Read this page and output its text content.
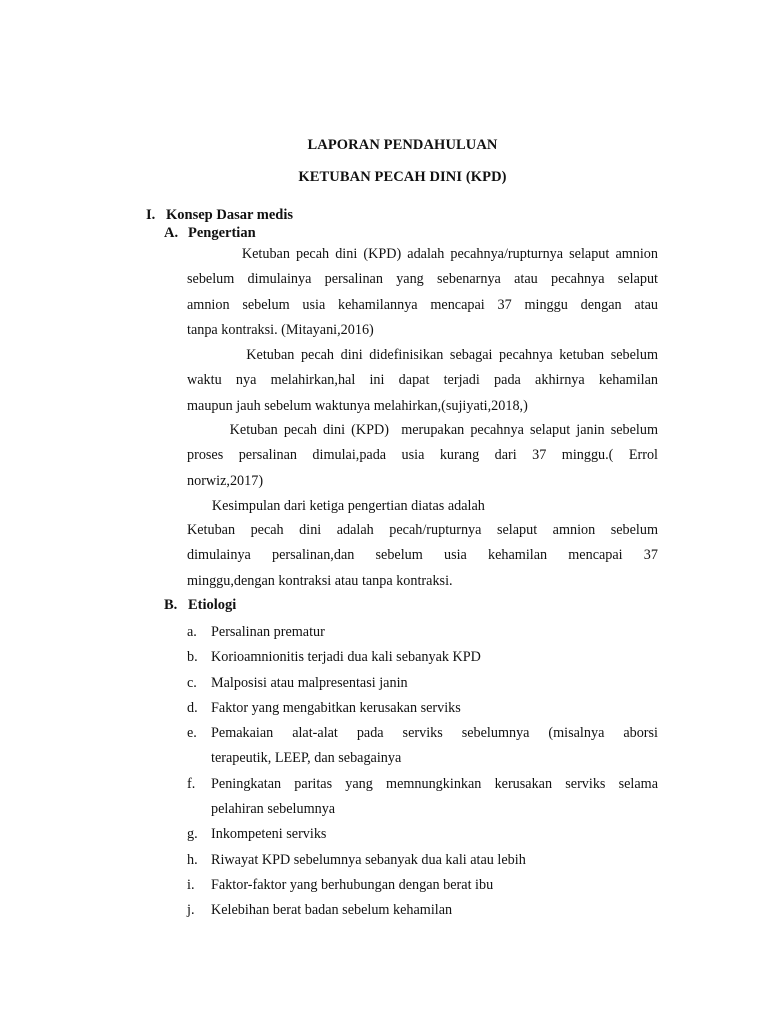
LAPORAN PENDAHULUAN
KETUBAN PECAH DINI (KPD)
I. Konsep Dasar medis
A. Pengertian
Ketuban pecah dini (KPD) adalah pecahnya/rupturnya selaput amnion
sebelum dimulainya persalinan yang sebenarnya atau pecahnya selaput
amnion sebelum usia kehamilannya mencapai 37 minggu dengan atau
tanpa kontraksi. (Mitayani,2016)
Ketuban pecah dini didefinisikan sebagai pecahnya ketuban sebelum
waktu nya melahirkan,hal ini dapat terjadi pada akhirnya kehamilan
maupun jauh sebelum waktunya melahirkan,(sujiyati,2018,)
Ketuban pecah dini (KPD)  merupakan pecahnya selaput janin sebelum
proses persalinan dimulai,pada usia kurang dari 37 minggu.( Errol
norwiz,2017)
Kesimpulan dari ketiga pengertian diatas adalah
Ketuban pecah dini adalah pecah/rupturnya selaput amnion sebelum
dimulainya persalinan,dan sebelum usia kehamilan mencapai 37
minggu,dengan kontraksi atau tanpa kontraksi.
B. Etiologi
a. Persalinan prematur
b. Korioamnionitis terjadi dua kali sebanyak KPD
c. Malposisi atau malpresentasi janin
d. Faktor yang mengabitkan kerusakan serviks
e. Pemakaian alat-alat pada serviks sebelumnya (misalnya aborsi
terapeutik, LEEP, dan sebagainya
f. Peningkatan paritas yang memnungkinkan kerusakan serviks selama
pelahiran sebelumnya
g. Inkompeteni serviks
h. Riwayat KPD sebelumnya sebanyak dua kali atau lebih
i. Faktor-faktor yang berhubungan dengan berat ibu
j. Kelebihan berat badan sebelum kehamilan
